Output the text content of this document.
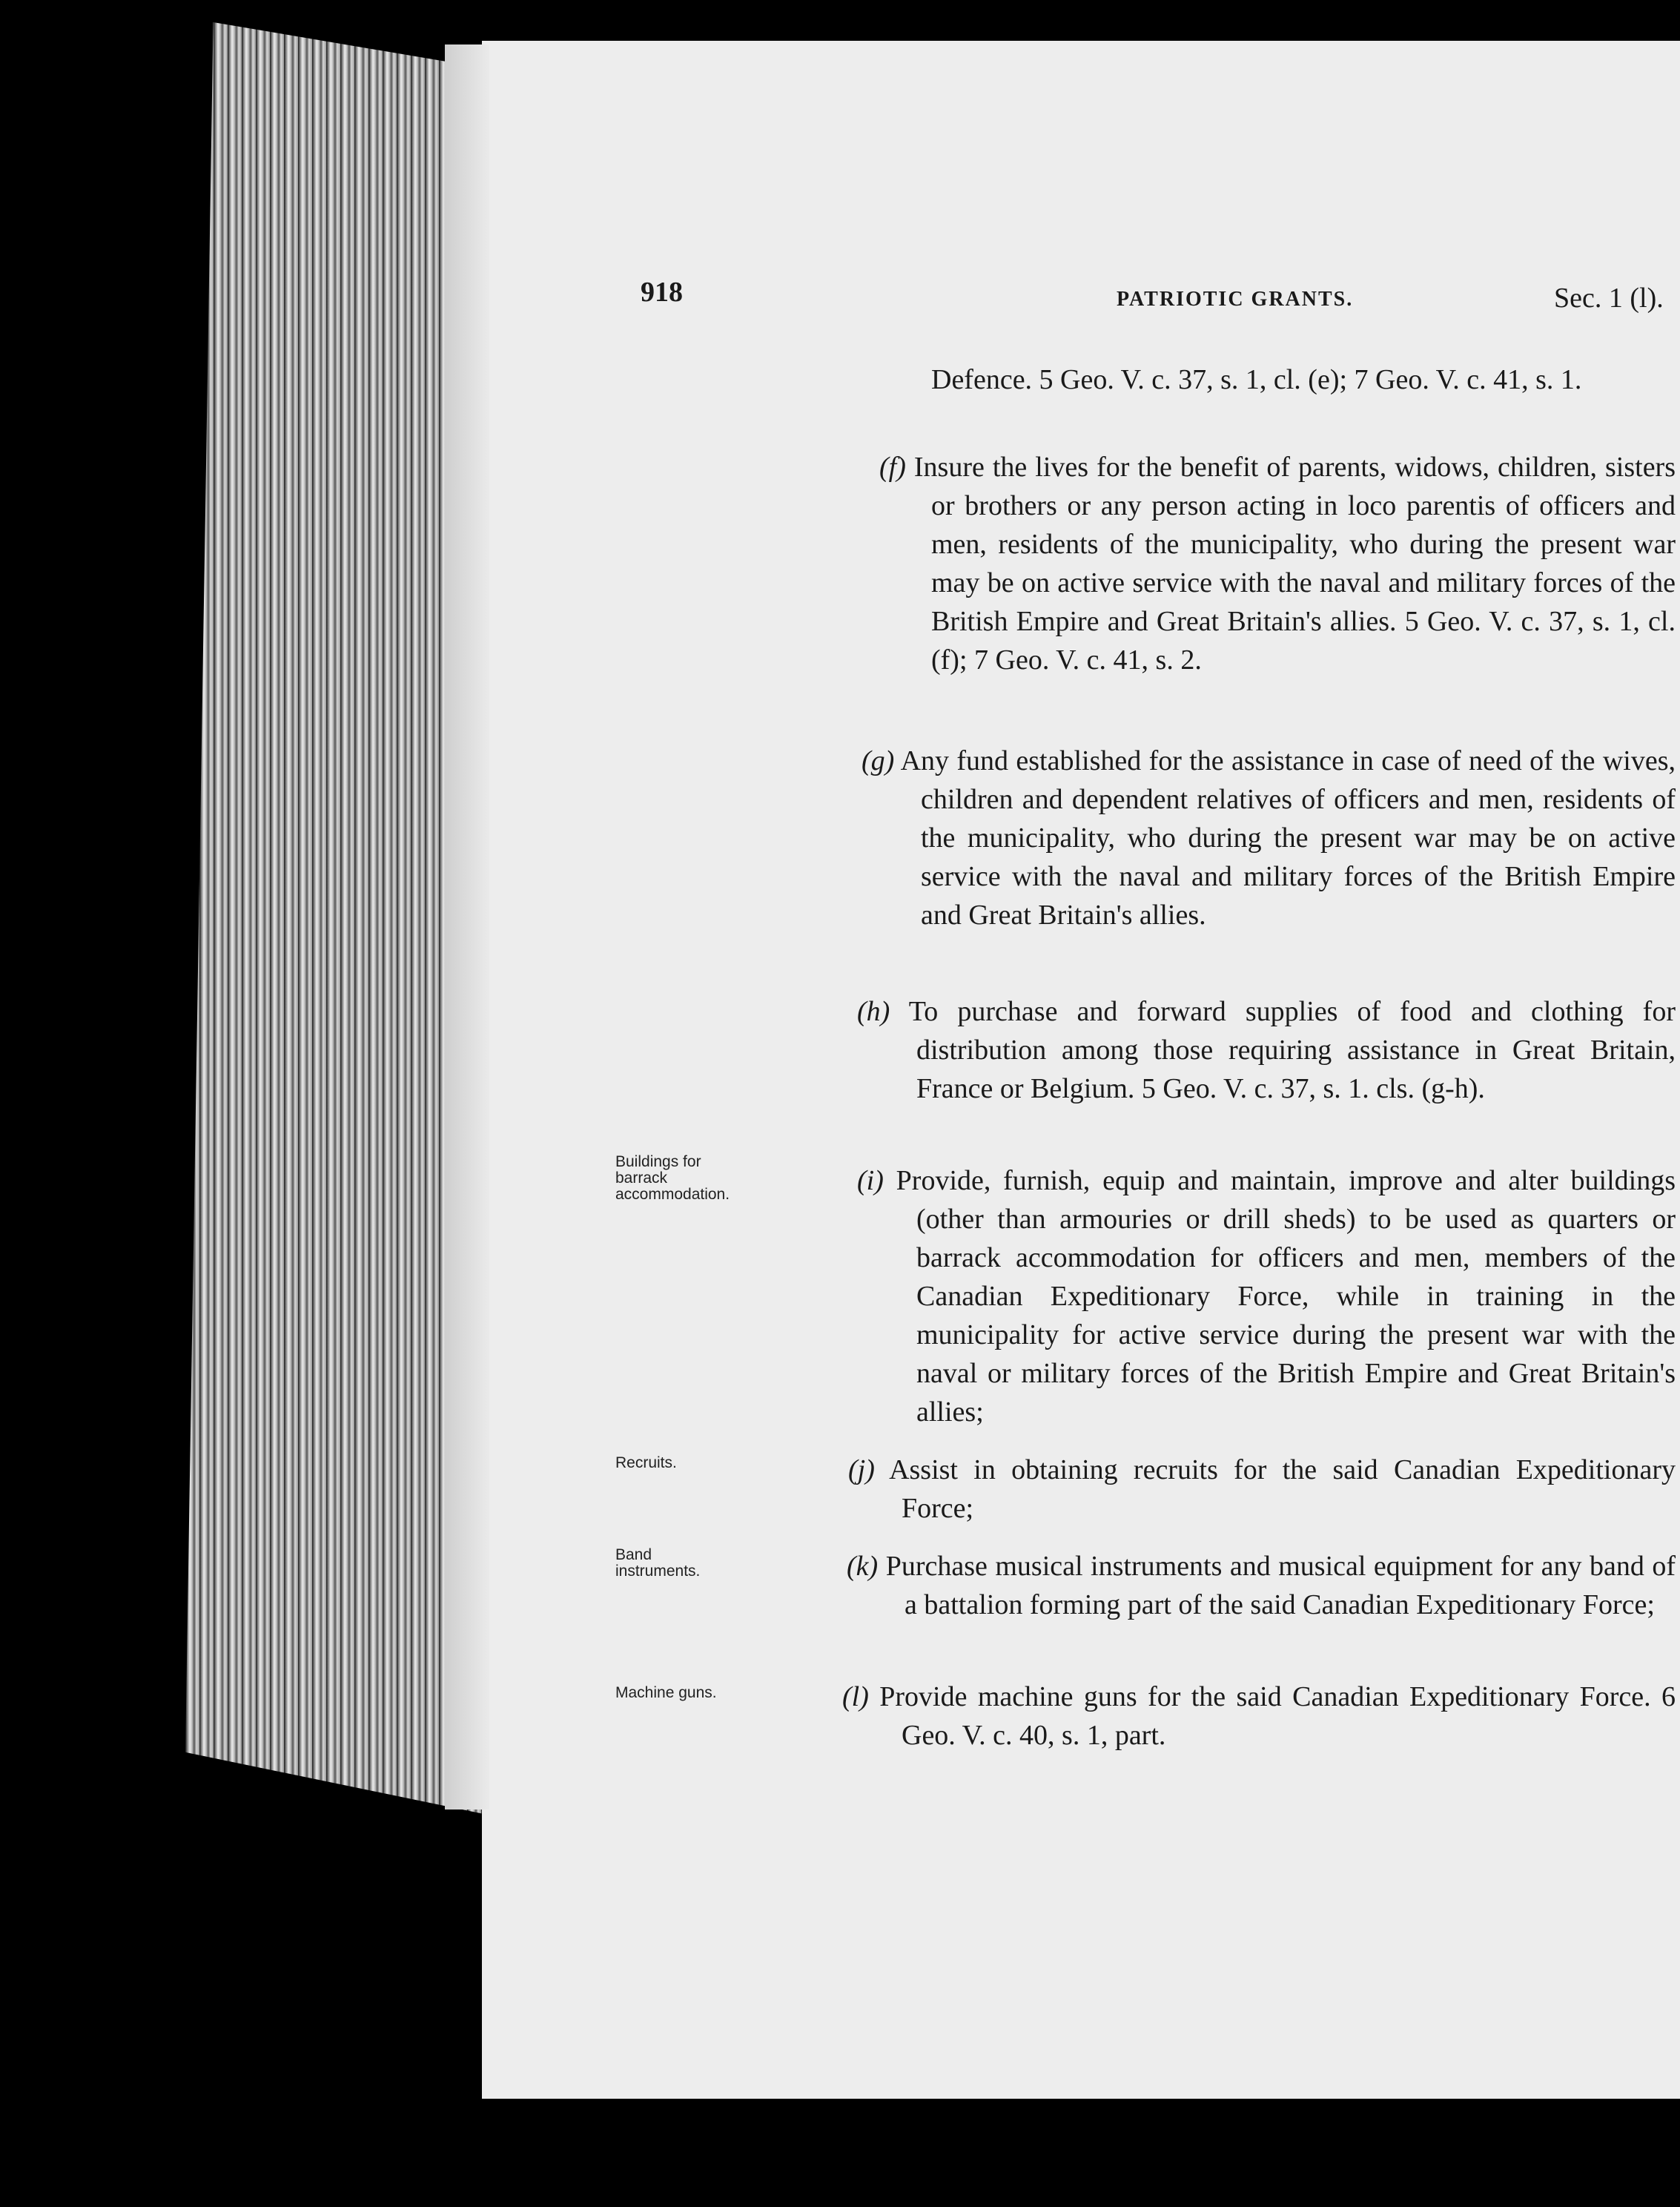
918	PATRIOTIC GRANTS.	Sec. 1 (l).
Defence. 5 Geo. V. c. 37, s. 1, cl. (e); 7 Geo. V. c. 41, s. 1.
(f) Insure the lives for the benefit of parents, widows, children, sisters or brothers or any person acting in loco parentis of officers and men, residents of the municipality, who during the present war may be on active service with the naval and military forces of the British Empire and Great Britain's allies. 5 Geo. V. c. 37, s. 1, cl. (f); 7 Geo. V. c. 41, s. 2.
(g) Any fund established for the assistance in case of need of the wives, children and dependent relatives of officers and men, residents of the municipality, who during the present war may be on active service with the naval and military forces of the British Empire and Great Britain's allies.
(h) To purchase and forward supplies of food and clothing for distribution among those requiring assistance in Great Britain, France or Belgium. 5 Geo. V. c. 37, s. 1. cls. (g-h).
(i) Provide, furnish, equip and maintain, improve and alter buildings (other than armouries or drill sheds) to be used as quarters or barrack accommodation for officers and men, members of the Canadian Expeditionary Force, while in training in the municipality for active service during the present war with the naval or military forces of the British Empire and Great Britain's allies;
(j) Assist in obtaining recruits for the said Canadian Expeditionary Force;
(k) Purchase musical instruments and musical equipment for any band of a battalion forming part of the said Canadian Expeditionary Force;
(l) Provide machine guns for the said Canadian Expeditionary Force. 6 Geo. V. c. 40, s. 1, part.
Buildings for barrack accommodation.
Recruits.
Band instruments.
Machine guns.
